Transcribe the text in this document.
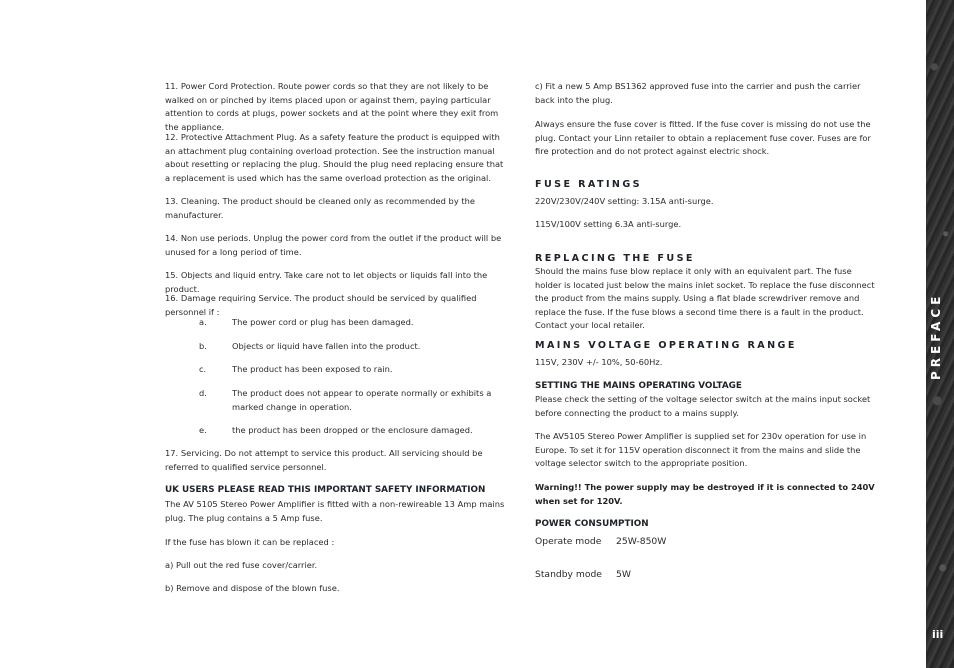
11. Power Cord Protection. Route power cords so that they are not likely to be walked on or pinched by items placed upon or against them, paying particular attention to cords at plugs, power sockets and at the point where they exit from the appliance.

12. Protective Attachment Plug. As a safety feature the product is equipped with an attachment plug containing overload protection. See the instruction manual about resetting or replacing the plug. Should the plug need replacing ensure that a replacement is used which has the same overload protection as the original.

13. Cleaning. The product should be cleaned only as recommended by the manufacturer.

14. Non use periods. Unplug the power cord from the outlet if the product will be unused for a long period of time.

15. Objects and liquid entry. Take care not to let objects or liquids fall into the product.

16. Damage requiring Service. The product should be serviced by qualified personnel if :

a.	The power cord or plug has been damaged.
b.	Objects or liquid have fallen into the product.
c.	The product has been exposed to rain.
d.	The product does not appear to operate normally or exhibits a marked change in operation.
e.	the product has been dropped or the enclosure damaged.

17. Servicing. Do not attempt to service this product. All servicing should be referred to qualified service personnel.

UK USERS PLEASE READ THIS IMPORTANT SAFETY INFORMATION

The AV 5105 Stereo Power Amplifier is fitted with a non-rewireable 13 Amp mains plug. The plug contains a 5 Amp fuse.

If the fuse has blown it can be replaced :

a) Pull out the red fuse cover/carrier.

b) Remove and dispose of the blown fuse.

c) Fit a new 5 Amp BS1362 approved fuse into the carrier and push the carrier back into the plug.

Always ensure the fuse cover is fitted. If the fuse cover is missing do not use the plug. Contact your Linn retailer to obtain a replacement fuse cover. Fuses are for fire protection and do not protect against electric shock.

FUSE RATINGS

220V/230V/240V setting: 3.15A anti-surge.

115V/100V setting 6.3A anti-surge.

REPLACING THE FUSE

Should the mains fuse blow replace it only with an equivalent part. The fuse holder is located just below the mains inlet socket. To replace the fuse disconnect the product from the mains supply. Using a flat blade screwdriver remove and replace the fuse. If the fuse blows a second time there is a fault in the product. Contact your local retailer.

MAINS VOLTAGE OPERATING RANGE

115V, 230V +/- 10%, 50-60Hz.

SETTING THE MAINS OPERATING VOLTAGE

Please check the setting of the voltage selector switch at the mains input socket before connecting the product to a mains supply.

The AV5105 Stereo Power Amplifier is supplied set for 230v operation for use in Europe. To set it for 115V operation disconnect it from the mains and slide the voltage selector switch to the appropriate position.

Warning!! The power supply may be destroyed if it is connected to 240V when set for 120V.

POWER CONSUMPTION
Operate mode 25W-850W
Standby mode 5W
PREFACE
iii
